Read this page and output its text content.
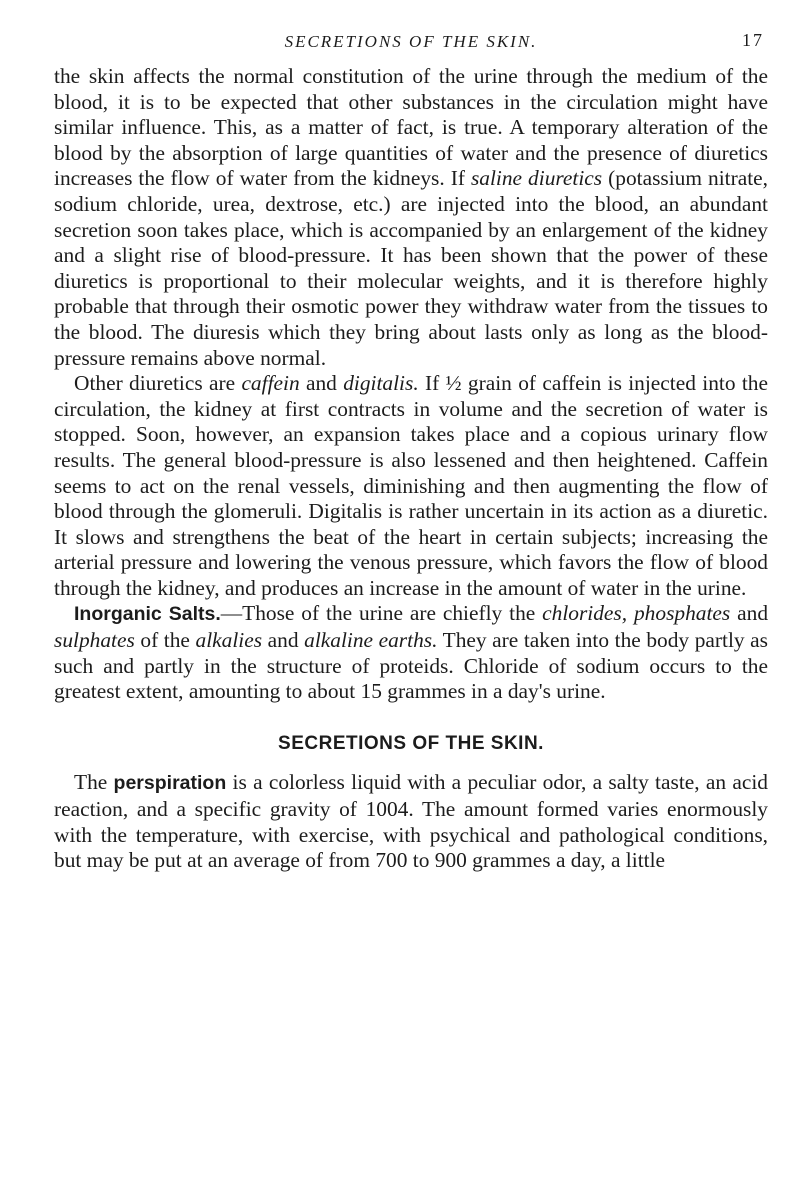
SECRETIONS OF THE SKIN.	17

the skin affects the normal constitution of the urine through the medium of the blood, it is to be expected that other substances in the circulation might have similar influence. This, as a matter of fact, is true. A temporary alteration of the blood by the absorption of large quantities of water and the presence of diuretics increases the flow of water from the kidneys. If saline diuretics (potassium nitrate, sodium chloride, urea, dextrose, etc.) are injected into the blood, an abundant secretion soon takes place, which is accompanied by an enlargement of the kidney and a slight rise of blood-pressure. It has been shown that the power of these diuretics is proportional to their molecular weights, and it is therefore highly probable that through their osmotic power they withdraw water from the tissues to the blood. The diuresis which they bring about lasts only as long as the blood-pressure remains above normal.

Other diuretics are caffein and digitalis. If ½ grain of caffein is injected into the circulation, the kidney at first contracts in volume and the secretion of water is stopped. Soon, however, an expansion takes place and a copious urinary flow results. The general blood-pressure is also lessened and then heightened. Caffein seems to act on the renal vessels, diminishing and then augmenting the flow of blood through the glomeruli. Digitalis is rather uncertain in its action as a diuretic. It slows and strengthens the beat of the heart in certain subjects; increasing the arterial pressure and lowering the venous pressure, which favors the flow of blood through the kidney, and produces an increase in the amount of water in the urine.

Inorganic Salts.—Those of the urine are chiefly the chlorides, phosphates and sulphates of the alkalies and alkaline earths. They are taken into the body partly as such and partly in the structure of proteids. Chloride of sodium occurs to the greatest extent, amounting to about 15 grammes in a day's urine.

SECRETIONS OF THE SKIN.

The perspiration is a colorless liquid with a peculiar odor, a salty taste, an acid reaction, and a specific gravity of 1004. The amount formed varies enormously with the temperature, with exercise, with psychical and pathological conditions, but may be put at an average of from 700 to 900 grammes a day, a little
